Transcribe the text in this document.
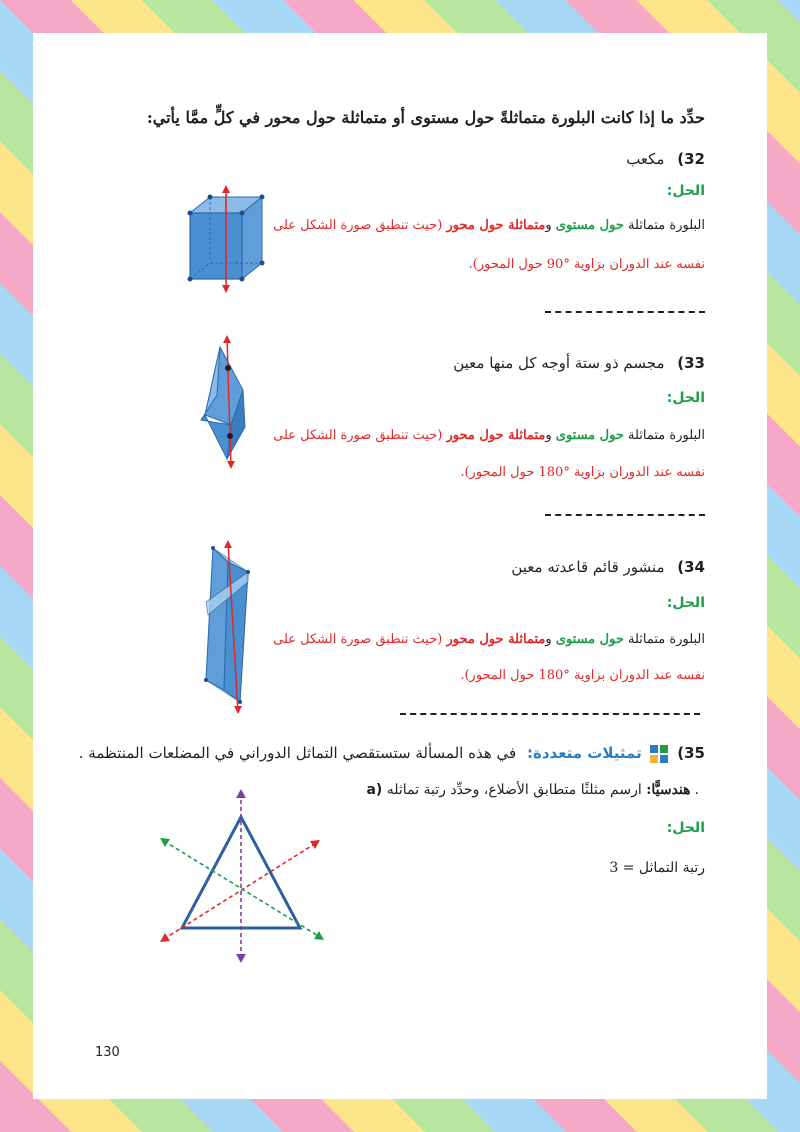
حدِّد ما إذا كانت البلورة متماثلةً حول مستوى أو متماثلة حول محور في كلٍّ ممَّا يأتي:
32) مكعب
الحل:
البلورة متماثلة حول مستوى ومتماثلة حول محور (حيث تنطبق صورة الشكل على
نفسه عند الدوران بزاوية °90 حول المحور).
33) مجسم ذو ستة أوجه كل منها معين
الحل:
البلورة متماثلة حول مستوى ومتماثلة حول محور (حيث تنطبق صورة الشكل على
نفسه عند الدوران بزاوية °180 حول المحور).
34) منشور قائم قاعدته معين
الحل:
البلورة متماثلة حول مستوى ومتماثلة حول محور (حيث تنطبق صورة الشكل على
نفسه عند الدوران بزاوية °180 حول المحور).
35)  تمثيلات متعددة: في هذه المسألة ستستقصي التماثل الدوراني في المضلعات المنتظمة .
a)	هندسيًّا: ارسم مثلثًا متطابق الأضلاع، وحدِّد رتبة تماثله.
الحل:
رتبة التماثل = 3
130
